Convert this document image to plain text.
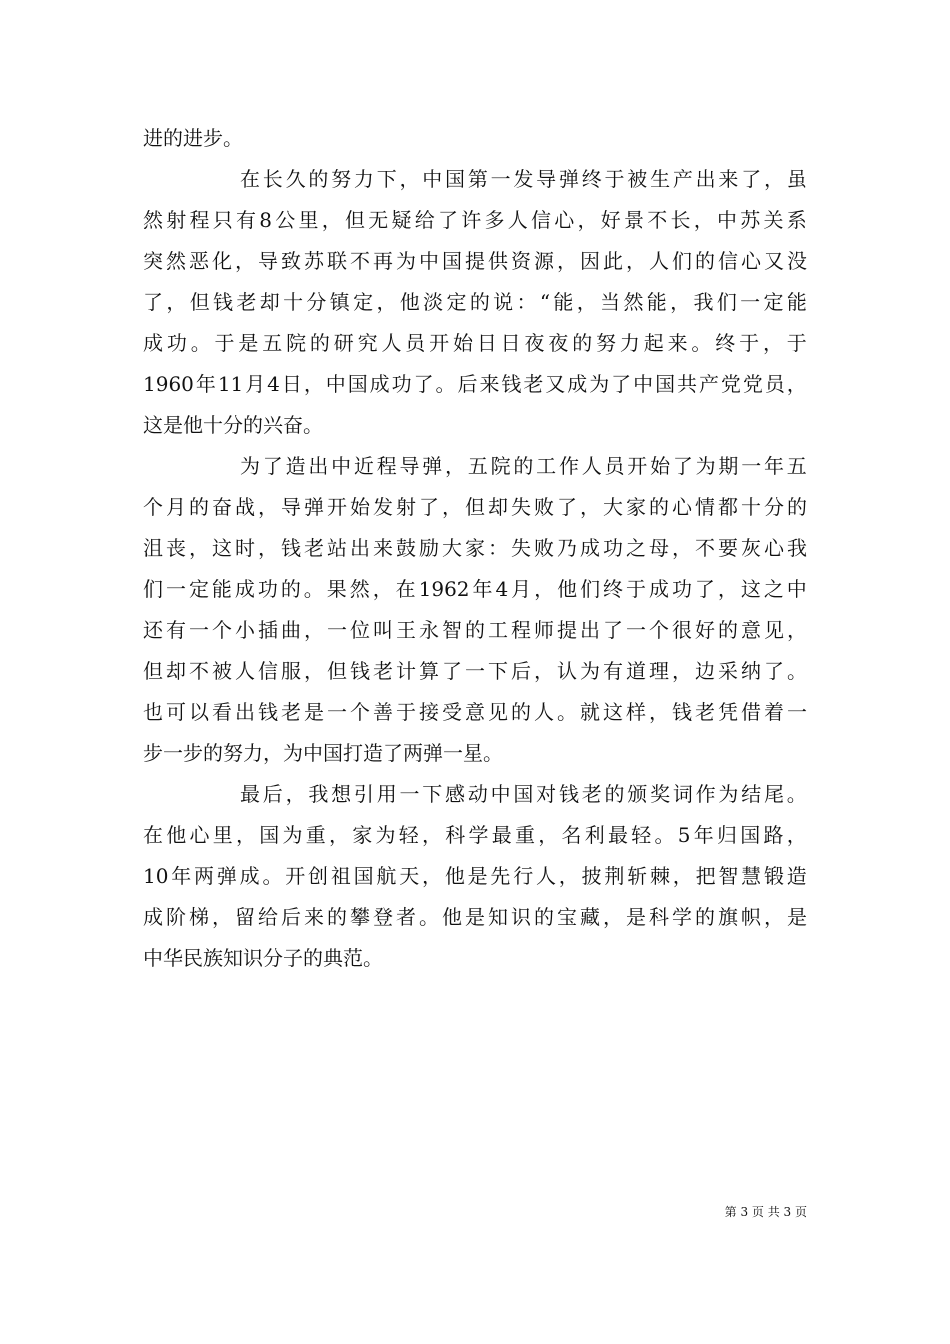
进的进步。
在 长 久 的 努 力 下 ， 中 国 第 一 发 导 弹 终 于 被 生 产 出 来 了 ， 虽
然 射 程 只 有 8 公 里 ， 但 无 疑 给 了 许 多 人 信 心 ， 好 景 不 长 ， 中 苏 关 系
突 然 恶 化 ， 导 致 苏 联 不 再 为 中 国 提 供 资 源 ， 因 此 ， 人 们 的 信 心 又 没
了 ， 但 钱 老 却 十 分 镇 定 ， 他 淡 定 的 说 ： “ 能 ， 当 然 能 ， 我 们 一 定 能
成 功 。 于 是 五 院 的 研 究 人 员 开 始 日 日 夜 夜 的 努 力 起 来 。 终 于 ， 于
1960 年 11 月 4 日 ， 中 国 成 功 了 。 后 来 钱 老 又 成 为 了 中 国 共 产 党 党 员 ，
这是他十分的兴奋。
为 了 造 出 中 近 程 导 弹 ， 五 院 的 工 作 人 员 开 始 了 为 期 一 年 五
个 月 的 奋 战 ， 导 弹 开 始 发 射 了 ， 但 却 失 败 了 ， 大 家 的 心 情 都 十 分 的
沮 丧 ， 这 时 ， 钱 老 站 出 来 鼓 励 大 家 ： 失 败 乃 成 功 之 母 ， 不 要 灰 心 我
们 一 定 能 成 功 的 。 果 然 ， 在 1962 年 4 月 ， 他 们 终 于 成 功 了 ， 这 之 中
还 有 一 个 小 插 曲 ， 一 位 叫 王 永 智 的 工 程 师 提 出 了 一 个 很 好 的 意 见 ，
但 却 不 被 人 信 服 ， 但 钱 老 计 算 了 一 下 后 ， 认 为 有 道 理 ， 边 采 纳 了 。
也 可 以 看 出 钱 老 是 一 个 善 于 接 受 意 见 的 人 。 就 这 样 ， 钱 老 凭 借 着 一
步一步的努力，为中国打造了两弹一星。
最 后 ， 我 想 引 用 一 下 感 动 中 国 对 钱 老 的 颁 奖 词 作 为 结 尾 。
在 他 心 里 ， 国 为 重 ， 家 为 轻 ， 科 学 最 重 ， 名 利 最 轻 。 5 年 归 国 路 ，
10 年 两 弹 成 。 开 创 祖 国 航 天 ， 他 是 先 行 人 ， 披 荆 斩 棘 ， 把 智 慧 锻 造
成 阶 梯 ， 留 给 后 来 的 攀 登 者 。 他 是 知 识 的 宝 藏 ， 是 科 学 的 旗 帜 ， 是
中华民族知识分子的典范。
第 3 页 共 3 页
